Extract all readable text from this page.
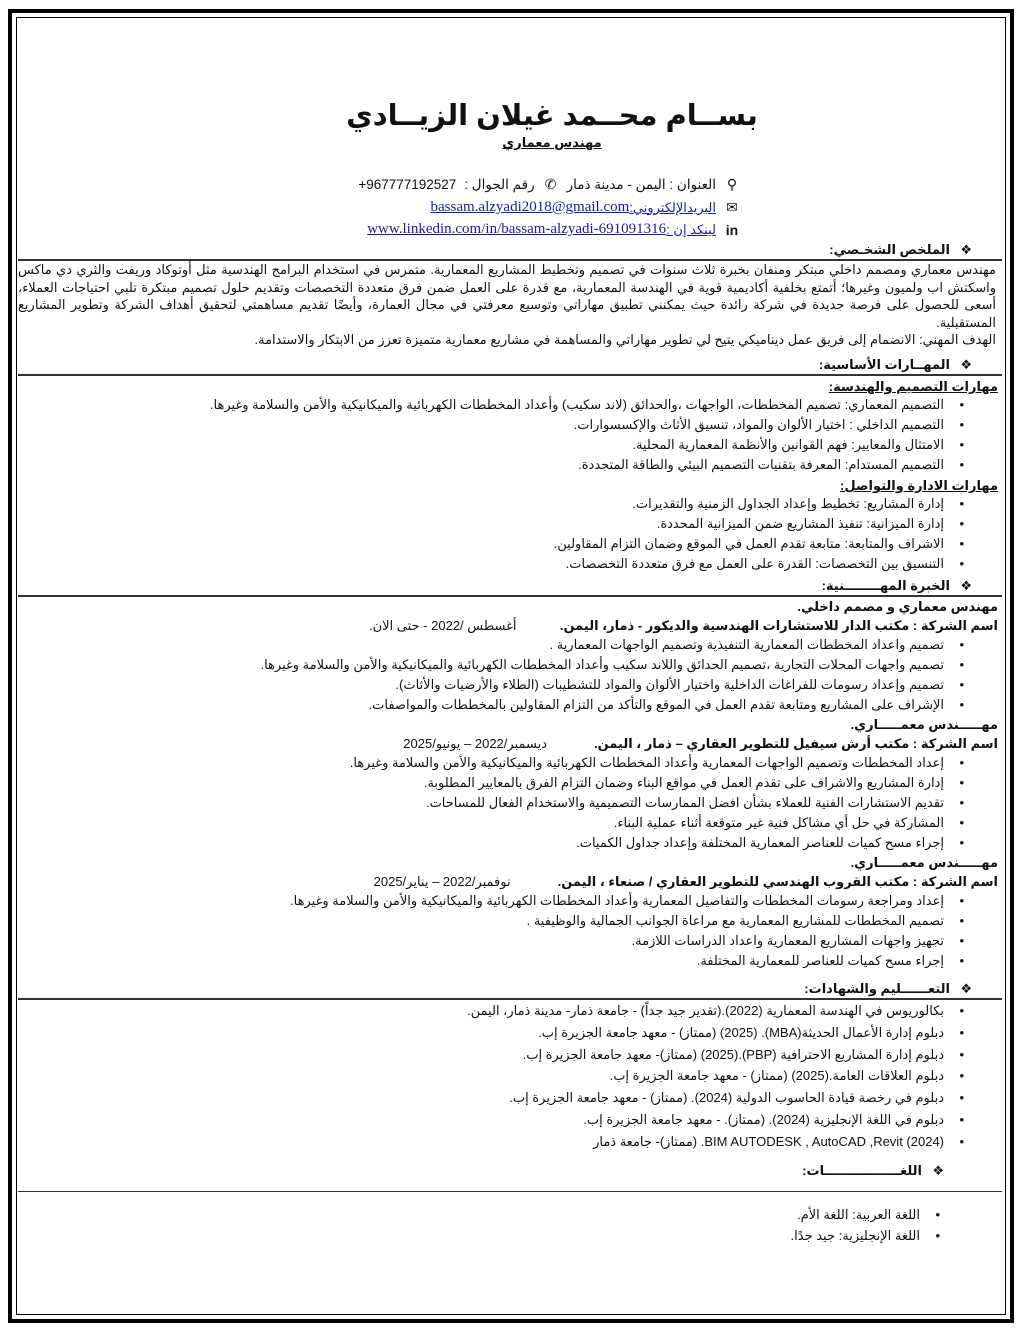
بســام محــمد غيلان الزيــادي
مهندس معماري
⚲
العنوان : اليمن - مدينة ذمار
✆
رقم الجوال :
+967777192527
✉
البريدالإلكتروني:
bassam.alzyadi2018@gmail.com
in
لينكد إن :
www.linkedin.com/in/bassam-alzyadi-691091316
❖
الملخص الشخـصي:
مهندس معماري ومصمم داخلي مبتكر ومنفان بخبرة ثلاث سنوات في تصميم وتخطيط المشاريع المعمارية. متمرس في استخدام البرامج الهندسية مثل أوتوكاد وريفت والثري دي ماكس واسكتش اب ولميون وغيرها؛ أتمتع بخلفية أكاديمية قوية في الهندسة المعمارية، مع قدرة على العمل ضمن فرق متعددة التخصصات وتقديم حلول تصميم مبتكرة تلبي احتياجات العملاء، أسعى للحصول على فرصة جديدة في شركة رائدة حيث يمكنني تطبيق مهاراتي وتوسيع معرفتي في مجال العمارة، وأيضًا تقديم مساهمتي لتحقيق أهداف الشركة وتطوير المشاريع المستقبلية.
الهدف المهني: الانضمام إلى فريق عمل ديناميكي يتيح لي تطوير مهاراتي والمساهمة في مشاريع معمارية متميزة تعزز من الابتكار والاستدامة.
❖
المهــارات الأساسية:
مهارات التصميم والهندسة:
• التصميم المعماري: تصميم المخططات، الواجهات ،والحدائق (لاند سكيب) وأعداد المخططات الكهربائية والميكانيكية والأمن والسلامة وغيرها.
• التصميم الداخلي : اختيار الألوان والمواد، تنسيق الأثاث والإكسسوارات.
• الامتثال والمعايير: فهم القوانين والأنظمة المعمارية المحلية.
• التصميم المستدام: المعرفة بتقنيات التصميم البيئي والطاقة المتجددة.
مهارات الادارة والتواصل:
• إدارة المشاريع: تخطيط وإعداد الجداول الزمنية والتقديرات.
• إدارة الميزانية: تنفيذ المشاريع ضمن الميزانية المحددة.
• الاشراف والمتابعة: متابعة تقدم العمل في الموقع وضمان التزام المقاولين.
• التنسيق بين التخصصات: القدرة على العمل مع فرق متعددة التخصصات.
❖
الخبرة المهــــــــنية:
مهندس معماري و مصمم داخلي.
اسم الشركة : مكتب الدار للاستشارات الهندسية والديكور - ذمار، اليمن.            أغسطس /2022 - حتى الان.
• تصميم واعداد المخططات المعمارية التنفيذية وتصميم الواجهات المعمارية .
• تصميم واجهات المحلات التجارية ،تصميم الحدائق واللاند سكيب وأعداد المخططات الكهربائية والميكانيكية والأمن والسلامة وغيرها.
• تصميم وإعداد رسومات للفراغات الداخلية واختيار الألوان والمواد للتشطيبات (الطلاء والأرضيات والأثاث).
• الإشراف على المشاريع ومتابعة تقدم العمل في الموقع والتأكد من التزام المقاولين بالمخططات والمواصفات.
مهـــــندس معمـــــاري.
اسم الشركة : مكتب أرش سيفيل للتطوير العقاري – ذمار ، اليمن.             ديسمبر/2022 – يونيو/2025
• إعداد المخططات وتصميم الواجهات المعمارية وأعداد المخططات الكهربائية والميكانيكية والأمن والسلامة وغيرها.
• إدارة المشاريع والاشراف على تقدم العمل في مواقع البناء وضمان التزام الفرق بالمعايير المطلوبة.
• تقديم الاستشارات الفنية للعملاء بشأن افضل الممارسات التصميمية والاستخدام الفعال للمساحات.
• المشاركة في حل أي مشاكل فنية غير متوقعة أثناء عملية البناء.
• إجراء مسح كميات للعناصر المعمارية المختلفة وإعداد جداول الكميات.
مهـــــندس معمـــــاري.
اسم الشركة : مكتب القروب الهندسي للتطوير العقاري / صنعاء ، اليمن.             نوفمبر/2022 – يناير/2025
• إعداد ومراجعة رسومات المخططات والتفاصيل المعمارية وأعداد المخططات الكهربائية والميكانيكية والأمن والسلامة وغيرها.
• تصميم المخططات للمشاريع المعمارية مع مراعاة الجوانب الجمالية والوظيفية .
• تجهيز واجهات المشاريع المعمارية واعداد الدراسات اللازمة.
• إجراء مسح كميات للعناصر للمعمارية المختلفة.
❖
التعــــــليم والشهادات:
• بكالوريوس في الهندسة المعمارية (2022).(تقدير جيد جداً) - جامعة ذمار- مدينة ذمار، اليمن.
• دبلوم إدارة الأعمال الحديثة(MBA). (2025) (ممتاز) - معهد جامعة الجزيرة إب.
• دبلوم إدارة المشاريع الاحترافية (PBP).(2025) (ممتاز)- معهد جامعة الجزيرة إب.
• دبلوم العلاقات العامة.(2025) (ممتاز) - معهد جامعة الجزيرة إب.
• دبلوم في رخصة قيادة الحاسوب الدولية (2024). (ممتاز) - معهد جامعة الجزيرة إب.
• دبلوم في اللغة الإنجليزية (2024). (ممتاز). - معهد جامعة الجزيرة إب.
• BIM AUTODESK , AutoCAD ,Revit (2024). (ممتاز)- جامعة ذمار
❖
اللغـــــــــــــــــات:
• اللغة العربية: اللغة الأم.
• اللغة الإنجليزية: جيد جدًا.
